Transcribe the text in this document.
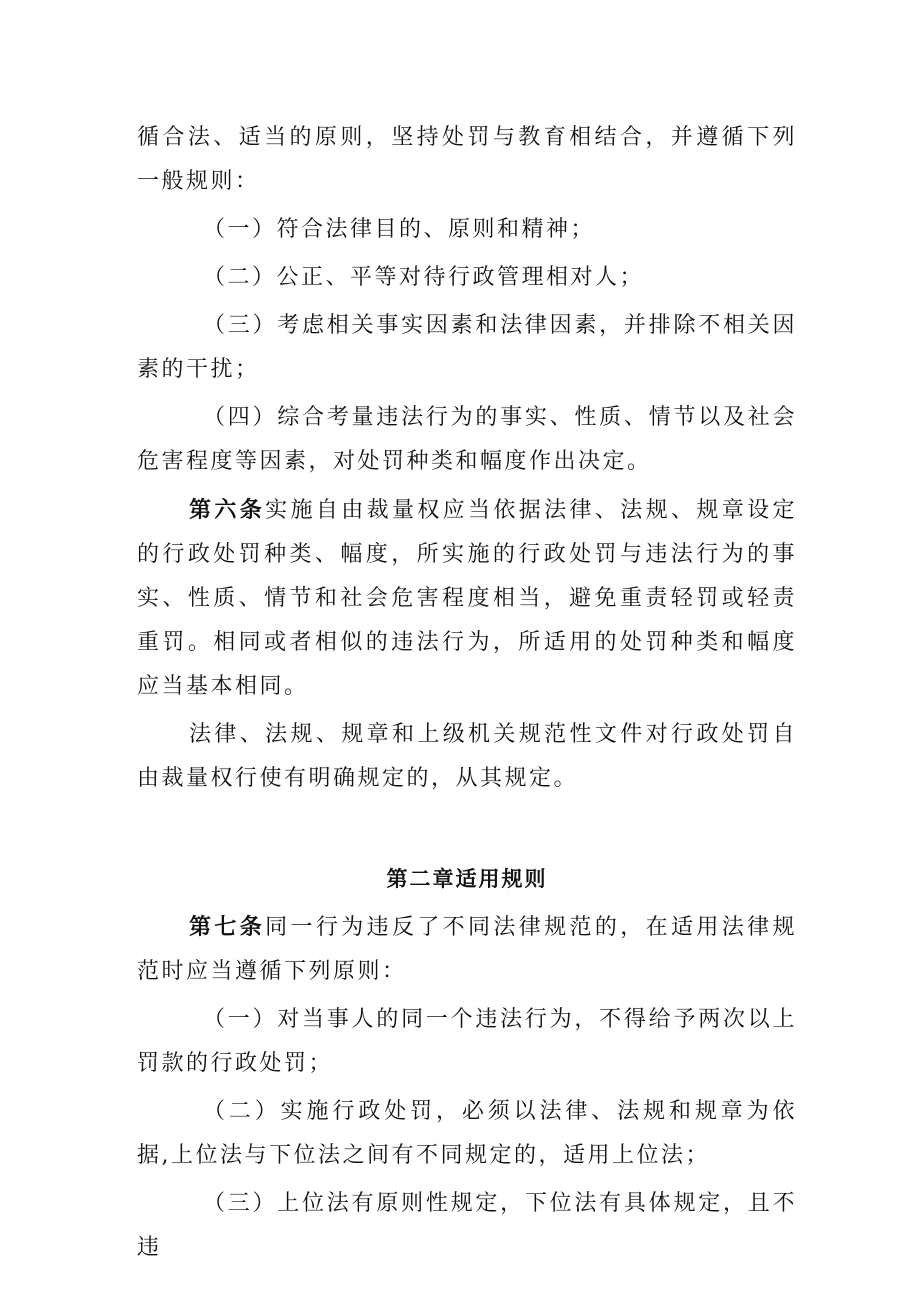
循合法、适当的原则，坚持处罚与教育相结合，并遵循下列一般规则：

（一）符合法律目的、原则和精神；

（二）公正、平等对待行政管理相对人；

（三）考虑相关事实因素和法律因素，并排除不相关因素的干扰；

（四）综合考量违法行为的事实、性质、情节以及社会危害程度等因素，对处罚种类和幅度作出决定。

第六条实施自由裁量权应当依据法律、法规、规章设定的行政处罚种类、幅度，所实施的行政处罚与违法行为的事实、性质、情节和社会危害程度相当，避免重责轻罚或轻责重罚。相同或者相似的违法行为，所适用的处罚种类和幅度应当基本相同。

法律、法规、规章和上级机关规范性文件对行政处罚自由裁量权行使有明确规定的，从其规定。

第二章适用规则

第七条同一行为违反了不同法律规范的，在适用法律规范时应当遵循下列原则：

（一）对当事人的同一个违法行为，不得给予两次以上罚款的行政处罚；

（二）实施行政处罚，必须以法律、法规和规章为依据,上位法与下位法之间有不同规定的，适用上位法；

（三）上位法有原则性规定，下位法有具体规定，且不违
